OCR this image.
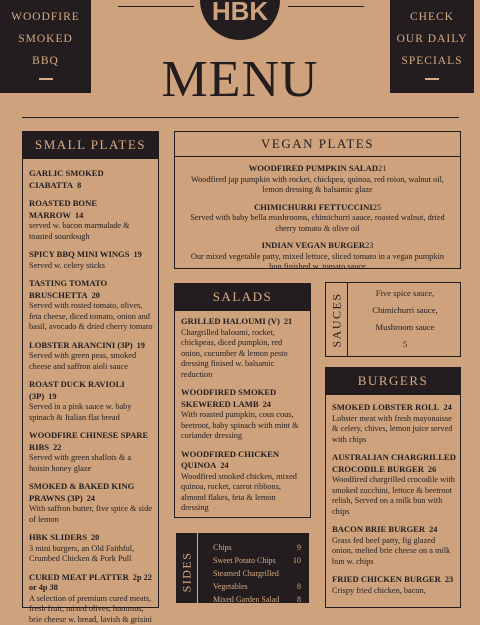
WOODFIRE
SMOKED
BBQ
CHECK
OUR DAILY
SPECIALS
HBK
MENU
SMALL PLATES
GARLIC SMOKED CIABATTA 8
ROASTED BONE MARROW 14
served w. bacon marmalade & toasted sourdough
SPICY BBQ MINI WINGS 19
Served w. celery sticks
TASTING TOMATO BRUSCHETTA 20
Served with rosted tomato, olives, feta cheese, diced tomato, onion and basil, avocado & dried cherry tomato
LOBSTER ARANCINI (3P) 19
Served with green peas, smoked cheese and saffron aioli sauce
ROAST DUCK RAVIOLI (3P) 19
Served in a pink sauce w. baby spinach & Italian flat bread
WOODFIRE CHINESE SPARE RIBS 22
Served with green shallots & a hoisin honey glaze
SMOKED & BAKED KING PRAWNS (3P) 24
With saffron butter, five spice & side of lemon
HBK SLIDERS 20
3 mini burgers, an Old Faithful, Crumbed Chicken & Pork Pull
CURED MEAT PLATTER 2p 22 or 4p 38
A selection of premium cured meats, fresh fruit, mixed olives, hummus, brie cheese w. bread, lavish & grisini
VEGAN PLATES
WOODFIRED PUMPKIN SALAD21
Woodfired jap pumpkin with rocket, chickpea, quinoa, red roion, walnut oil, lemon dressing & balsamic glaze
CHIMICHURRI FETTUCCINI25
Served with baby bella mushrooms, chimichurri sauce, roasted walnut, dried cherry tomato & olive oil
INDIAN VEGAN BURGER23
Our mixed vegetable patty, mixed lettuce, sliced tomato in a vegan pumpkin bun finished w. tomato sauce
SALADS
GRILLED HALOUMI (V) 21
Chargrilled haloumi, rocket, chickpeas, diced pumpkin, red onion, cucumber & lemon pesto dressing finised w. balsamic reduction
WOODFIRED SMOKED SKEWERED LAMB 24
With roasted pumpkin, cous cous, beetroot, baby spinach with mint & coriander dressing
WOODFIRED CHICKEN QUINOA 24
Woodfired smoked chicken, mixed quinoa, rocket, carrot ribbons, almond flakes, feta & lemon dressing
SAUCES	Five spice sauce,
Chimichurri sauce,
Mushroom sauce
5
BURGERS
SMOKED LOBSTER ROLL 24
Lobster meat with fresh mayonaisse & celery, chives, lemon juice served with chips
AUSTRALIAN CHARGRILLED CROCODILE BURGER 26
Woodfired chargrilled crocodile with smoked zucchini, lettuce & beetroot relish, Served on a milk bun with chips
BACON BRIE BURGER 24
Grass fed beef patty, fig glazed onion, melted brie cheese on a milk bun w. chips
FRIED CHICKEN BURGER 23
Crispy fried chicken, bacon,
SIDES
Chips	9
Sweet Potato Chips 10
Steamed Chargrilled
Vegetables	8
Mixed Garden Salad 8
